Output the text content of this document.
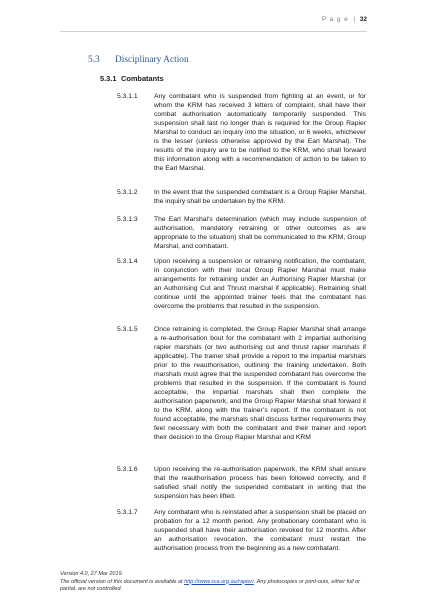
P a g e | 32
5.3 Disciplinary Action
5.3.1 Combatants
5.3.1.1 Any combatant who is suspended from fighting at an event, or for whom the KRM has received 3 letters of complaint, shall have their combat authorisation automatically temporarily suspended. This suspension shall last no longer than is required for the Group Rapier Marshal to conduct an inquiry into the situation, or 6 weeks, whichever is the lesser (unless otherwise approved by the Earl Marshal). The results of the inquiry are to be notified to the KRM, who shall forward this information along with a recommendation of action to be taken to the Earl Marshal.
5.3.1.2 In the event that the suspended combatant is a Group Rapier Marshal, the inquiry shall be undertaken by the KRM.
5.3.1.3 The Earl Marshal’s determination (which may include suspension of authorisation, mandatory retraining or other outcomes as are appropriate to the situation) shall be communicated to the KRM, Group Marshal, and combatant.
5.3.1.4 Upon receiving a suspension or retraining notification, the combatant, in conjunction with their local Group Rapier Marshal must make arrangements for retraining under an Authorising Rapier Marshal (or an Authorising Cut and Thrust marshal if applicable). Retraining shall continue until the appointed trainer feels that the combatant has overcome the problems that resulted in the suspension.
5.3.1.5 Once retraining is completed, the Group Rapier Marshal shall arrange a re-authorisation bout for the combatant with 2 impartial authorising rapier marshals (or two authorising cut and thrust rapier marshals if applicable). The trainer shall provide a report to the impartial marshals prior to the reauthorisation, outlining the training undertaken. Both marshals must agree that the suspended combatant has overcome the problems that resulted in the suspension. If the combatant is found acceptable, the impartial marshals shall then complete the authorisation paperwork, and the Group Rapier Marshal shall forward it to the KRM, along with the trainer’s report. If the combatant is not found acceptable, the marshals shall discuss further requirements they feel necessary with both the combatant and their trainer and report their decision to the Group Rapier Marshal and KRM
5.3.1.6 Upon receiving the re-authorisation paperwork, the KRM shall ensure that the reauthorisation process has been followed correctly, and if satisfied shall notify the suspended combatant in writing that the suspension has been lifted.
5.3.1.7 Any combatant who is reinstated after a suspension shall be placed on probation for a 12 month period. Any probationary combatant who is suspended shall have their authorisation revoked for 12 months. After an authorisation revocation, the combatant must restart the authorisation process from the beginning as a new combatant.
Version 4.0, 27 Mar 2019.
The official version of this document is available at http://www.sca.org.au/rapier/. Any photocopies or print-outs, either full or partial, are not controlled.
